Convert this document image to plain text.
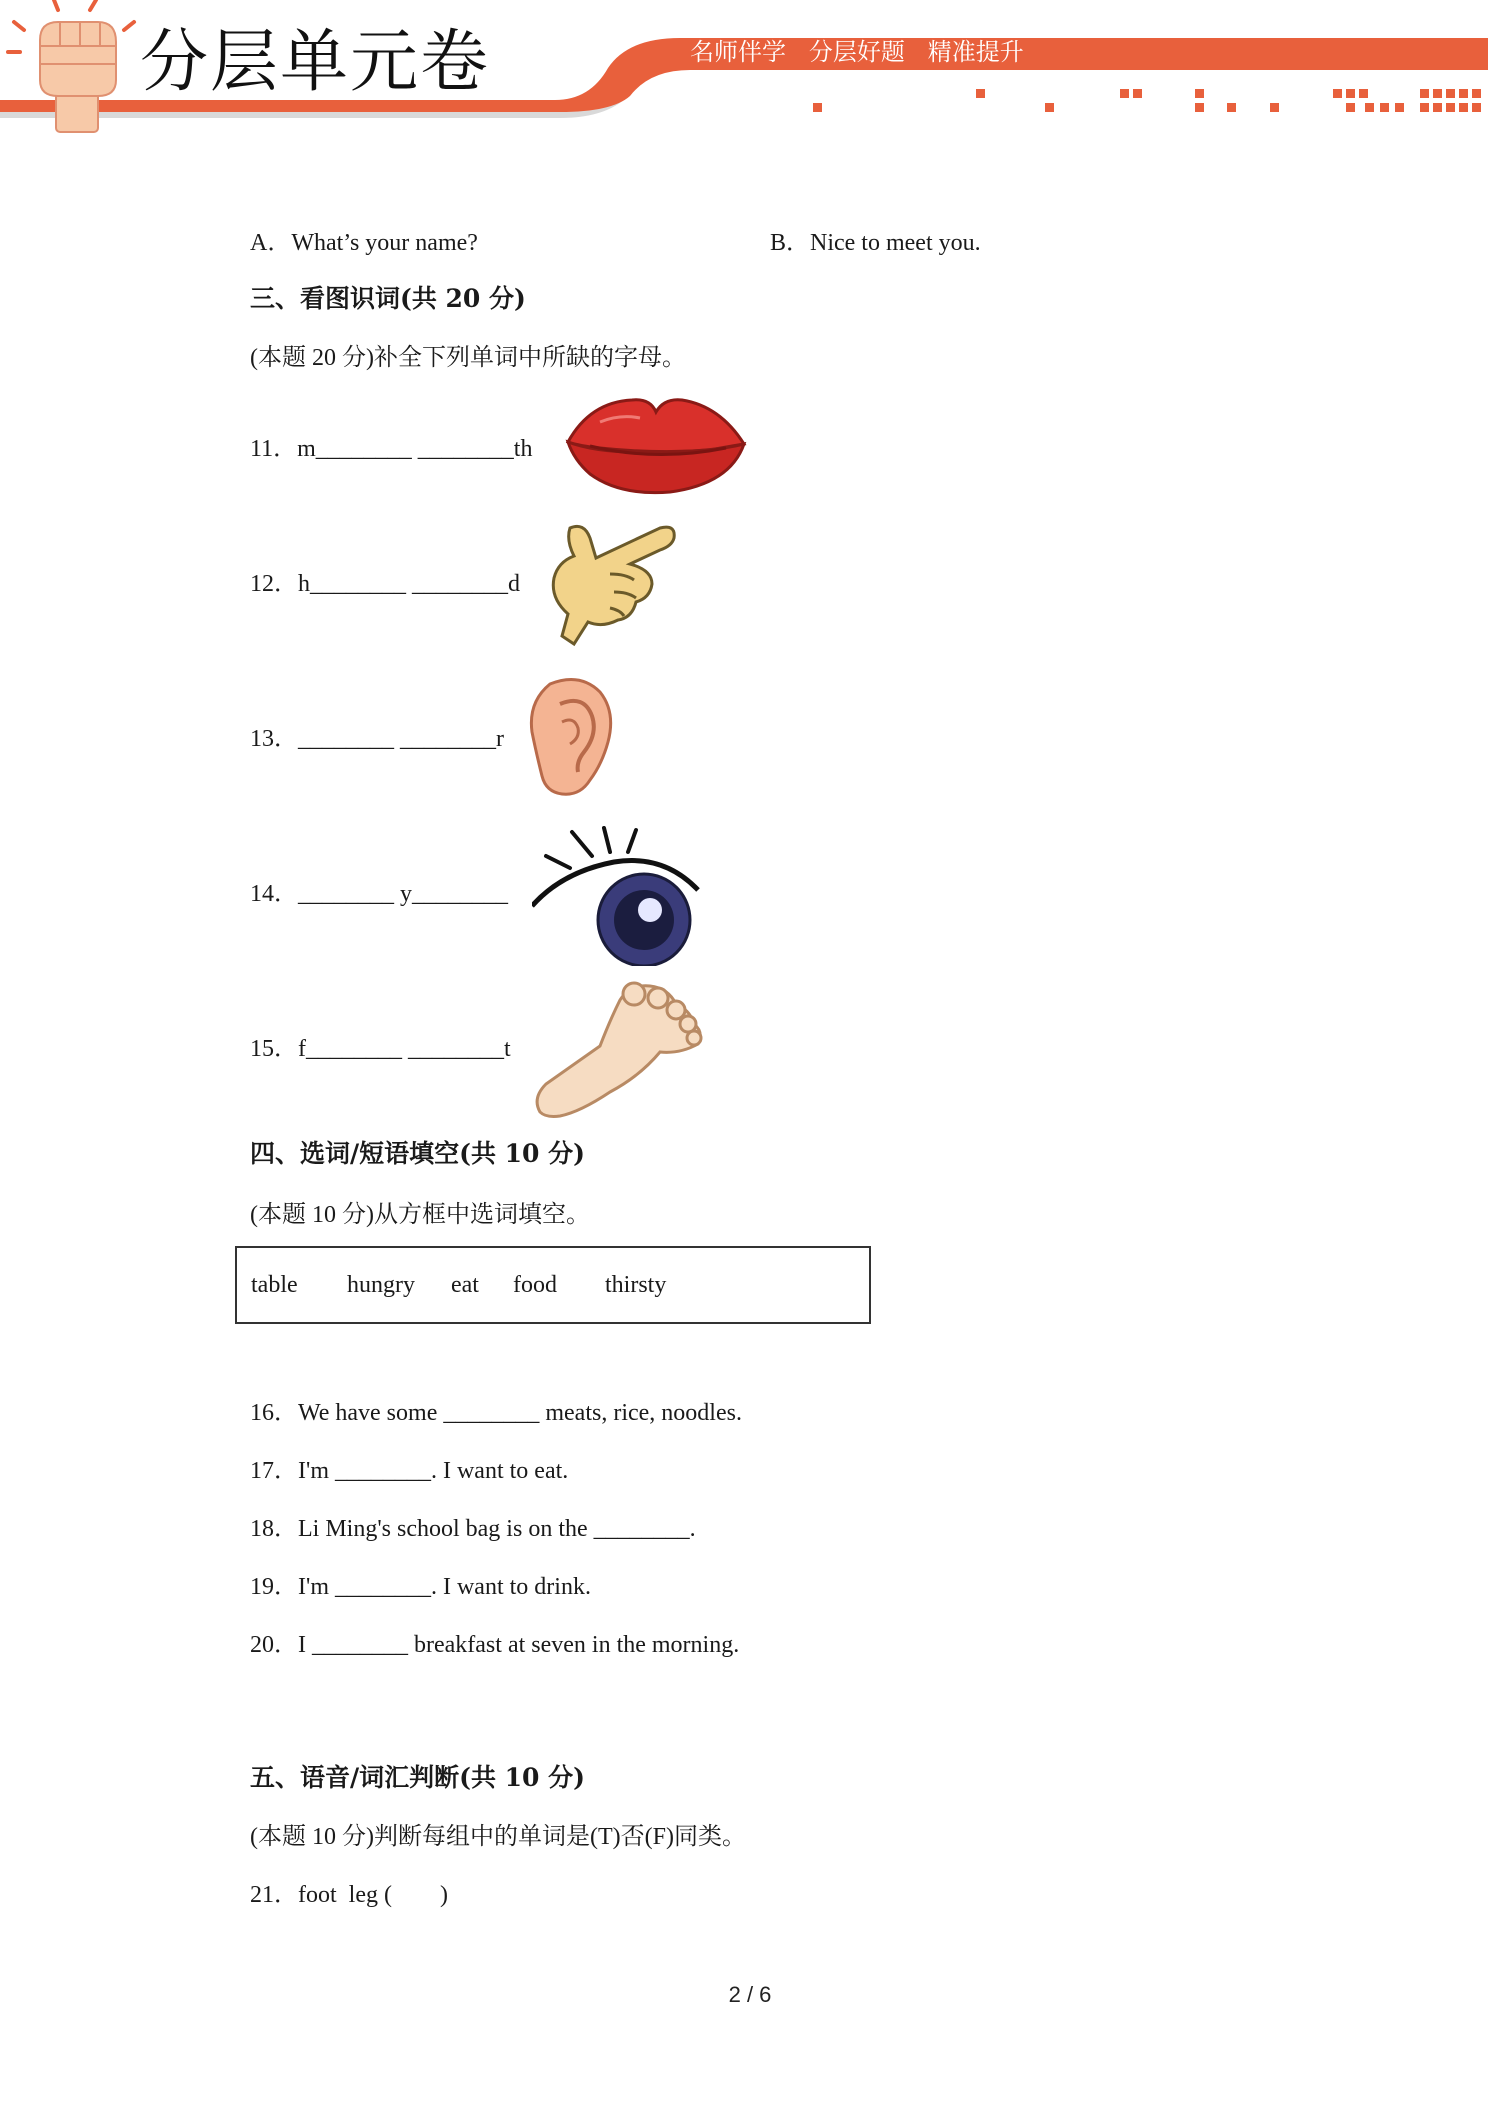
分层单元卷	名师伴学   分层好题   精准提升
A．What’s your name?	B．Nice to meet you.
三、看图识词(共 20 分)
(本题 20 分)补全下列单词中所缺的字母。
11．m________ ________th
12．h________ ________d
13．________ ________r
14．________ y________
15．f________ ________t
四、选词/短语填空(共 10 分)
(本题 10 分)从方框中选词填空。
table hungry eat food thirsty
16．We have some ________ meats, rice, noodles.
17．I'm ________. I want to eat.
18．Li Ming's school bag is on the ________.
19．I'm ________. I want to drink.
20．I ________ breakfast at seven in the morning.
五、语音/词汇判断(共 10 分)
(本题 10 分)判断每组中的单词是(T)否(F)同类。
21．foot  leg (        )
2 / 6
